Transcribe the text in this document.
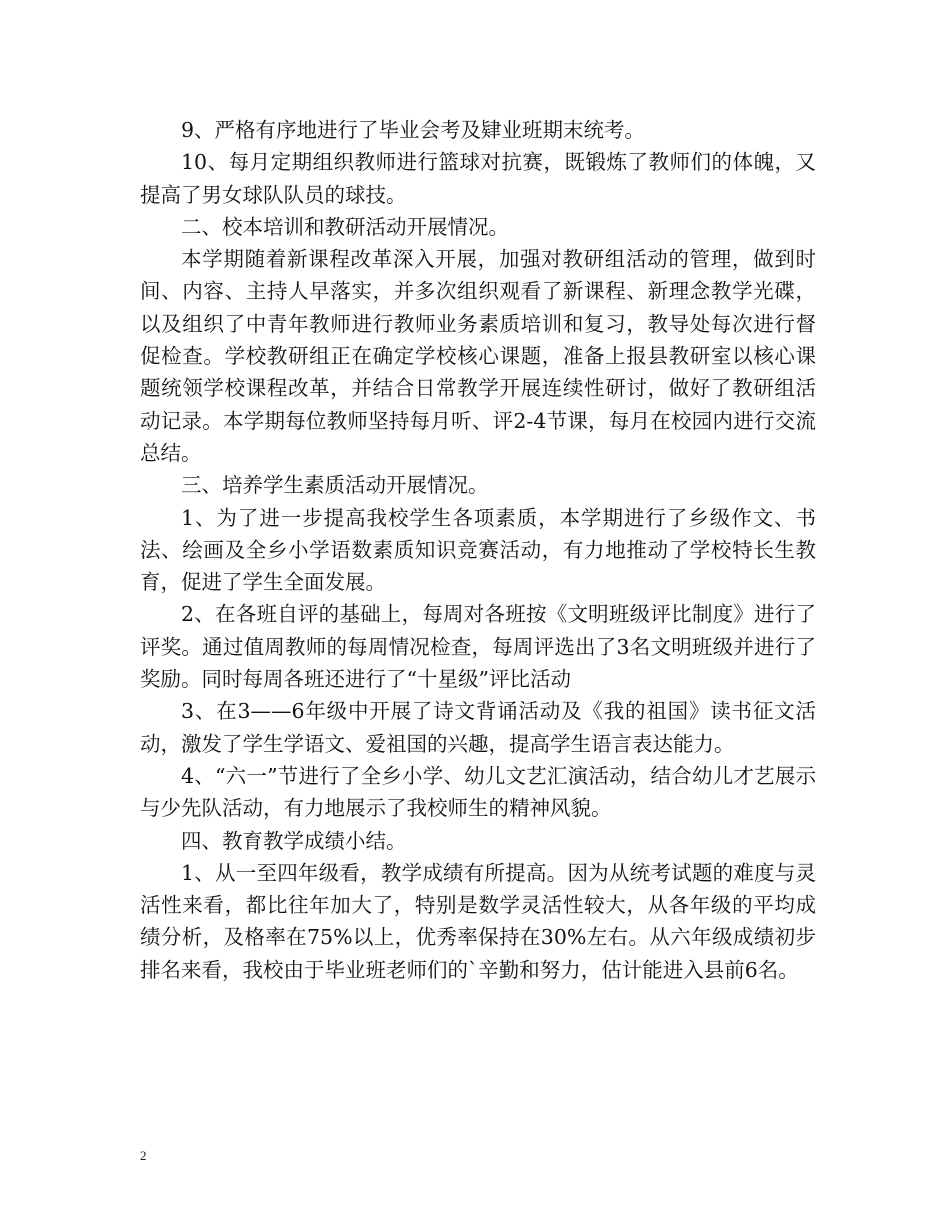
9、严格有序地进行了毕业会考及肄业班期末统考。

10、每月定期组织教师进行篮球对抗赛，既锻炼了教师们的体魄，又提高了男女球队队员的球技。

二、校本培训和教研活动开展情况。

本学期随着新课程改革深入开展，加强对教研组活动的管理，做到时间、内容、主持人早落实，并多次组织观看了新课程、新理念教学光碟，以及组织了中青年教师进行教师业务素质培训和复习，教导处每次进行督促检查。学校教研组正在确定学校核心课题，准备上报县教研室以核心课题统领学校课程改革，并结合日常教学开展连续性研讨，做好了教研组活动记录。本学期每位教师坚持每月听、评2-4节课，每月在校园内进行交流总结。

三、培养学生素质活动开展情况。

1、为了进一步提高我校学生各项素质，本学期进行了乡级作文、书法、绘画及全乡小学语数素质知识竞赛活动，有力地推动了学校特长生教育，促进了学生全面发展。

2、在各班自评的基础上，每周对各班按《文明班级评比制度》进行了评奖。通过值周教师的每周情况检查，每周评选出了3名文明班级并进行了奖励。同时每周各班还进行了“十星级”评比活动

3、在3——6年级中开展了诗文背诵活动及《我的祖国》读书征文活动，激发了学生学语文、爱祖国的兴趣，提高学生语言表达能力。

4、“六一”节进行了全乡小学、幼儿文艺汇演活动，结合幼儿才艺展示与少先队活动，有力地展示了我校师生的精神风貌。

四、教育教学成绩小结。

1、从一至四年级看，教学成绩有所提高。因为从统考试题的难度与灵活性来看，都比往年加大了，特别是数学灵活性较大，从各年级的平均成绩分析，及格率在75%以上，优秀率保持在30%左右。从六年级成绩初步排名来看，我校由于毕业班老师们的`辛勤和努力，估计能进入县前6名。

2
